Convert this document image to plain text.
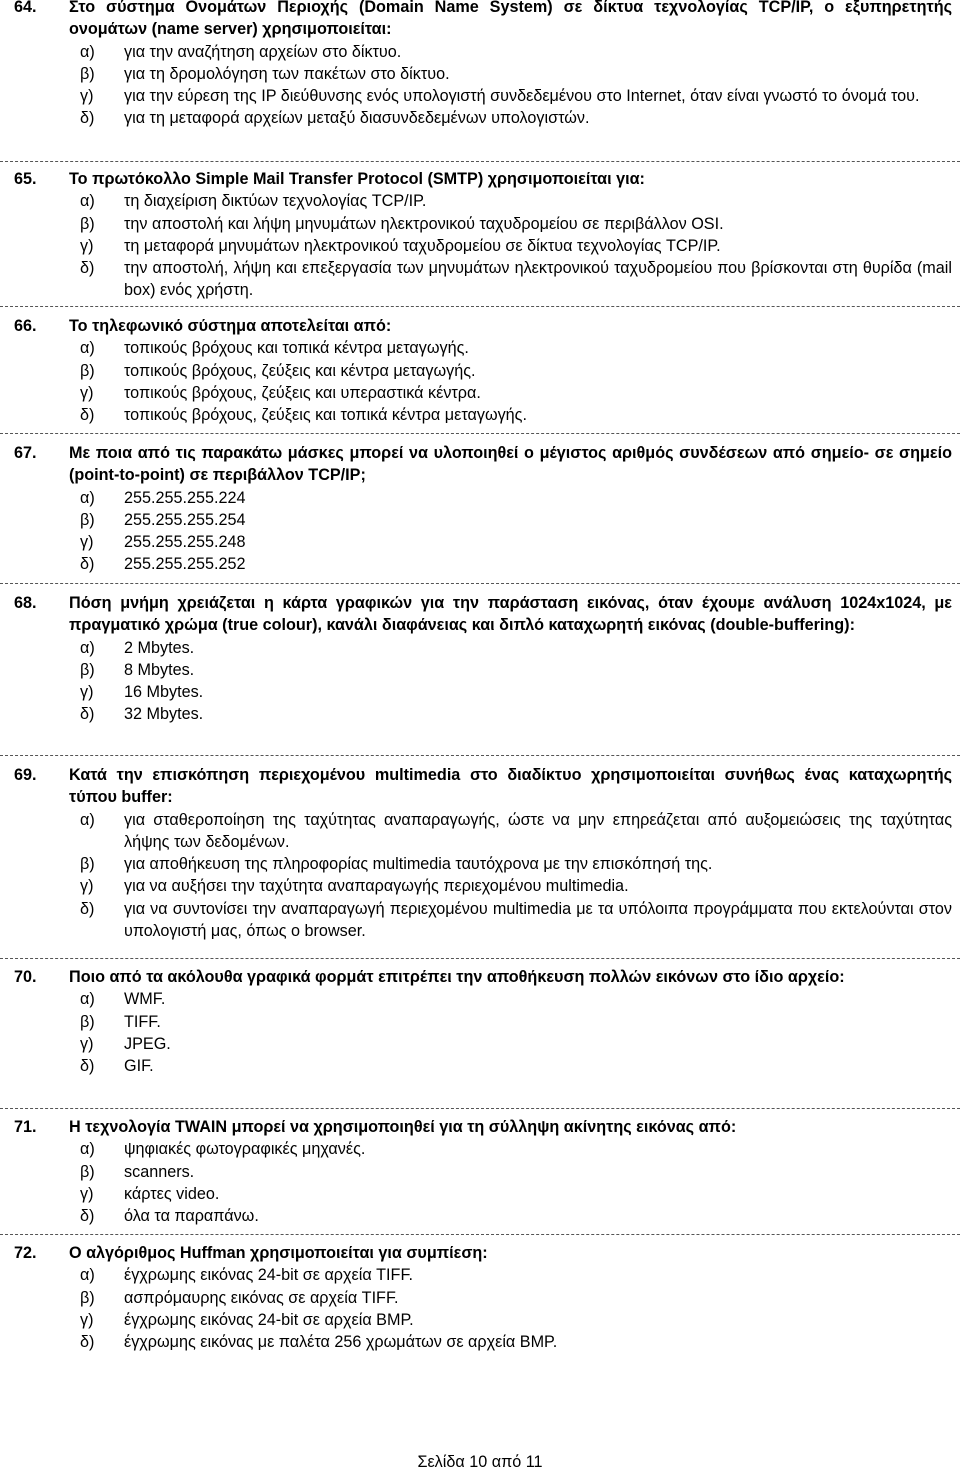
64. Στο σύστημα Ονομάτων Περιοχής (Domain Name System) σε δίκτυα τεχνολογίας TCP/IP, ο εξυπηρετητής ονομάτων (name server) χρησιμοποιείται:
α) για την αναζήτηση αρχείων στο δίκτυο.
β) για τη δρομολόγηση των πακέτων στο δίκτυο.
γ) για την εύρεση της IP διεύθυνσης ενός υπολογιστή συνδεδεμένου στο Internet, όταν είναι γνωστό το όνομά του.
δ) για τη μεταφορά αρχείων μεταξύ διασυνδεδεμένων υπολογιστών.
65. Το πρωτόκολλο Simple Mail Transfer Protocol (SMTP) χρησιμοποιείται για:
α) τη διαχείριση δικτύων τεχνολογίας TCP/IP.
β) την αποστολή και λήψη μηνυμάτων ηλεκτρονικού ταχυδρομείου σε περιβάλλον OSI.
γ) τη μεταφορά μηνυμάτων ηλεκτρονικού ταχυδρομείου σε δίκτυα τεχνολογίας TCP/IP.
δ) την αποστολή, λήψη και επεξεργασία των μηνυμάτων ηλεκτρονικού ταχυδρομείου που βρίσκονται στη θυρίδα (mail box) ενός χρήστη.
66. Το τηλεφωνικό σύστημα αποτελείται από:
α) τοπικούς βρόχους και τοπικά κέντρα μεταγωγής.
β) τοπικούς βρόχους, ζεύξεις και κέντρα μεταγωγής.
γ) τοπικούς βρόχους, ζεύξεις και υπεραστικά κέντρα.
δ) τοπικούς βρόχους, ζεύξεις και τοπικά κέντρα μεταγωγής.
67. Με ποια από τις παρακάτω μάσκες μπορεί να υλοποιηθεί ο μέγιστος αριθμός συνδέσεων από σημείο- σε σημείο (point-to-point) σε περιβάλλον TCP/IP;
α) 255.255.255.224
β) 255.255.255.254
γ) 255.255.255.248
δ) 255.255.255.252
68. Πόση μνήμη χρειάζεται η κάρτα γραφικών για την παράσταση εικόνας, όταν έχουμε ανάλυση 1024x1024, με πραγματικό χρώμα (true colour), κανάλι διαφάνειας και διπλό καταχωρητή εικόνας (double-buffering):
α) 2 Mbytes.
β) 8 Mbytes.
γ) 16 Mbytes.
δ) 32 Mbytes.
69. Κατά την επισκόπηση περιεχομένου multimedia στο διαδίκτυο χρησιμοποιείται συνήθως ένας καταχωρητής τύπου buffer:
α) για σταθεροποίηση της ταχύτητας αναπαραγωγής, ώστε να μην επηρεάζεται από αυξομειώσεις της ταχύτητας λήψης των δεδομένων.
β) για αποθήκευση της πληροφορίας multimedia ταυτόχρονα με την επισκόπησή της.
γ) για να αυξήσει την ταχύτητα αναπαραγωγής περιεχομένου multimedia.
δ) για να συντονίσει την αναπαραγωγή περιεχομένου multimedia με τα υπόλοιπα προγράμματα που εκτελούνται στον υπολογιστή μας, όπως ο browser.
70. Ποιο από τα ακόλουθα γραφικά φορμάτ επιτρέπει την αποθήκευση πολλών εικόνων στο ίδιο αρχείο:
α) WMF.
β) TIFF.
γ) JPEG.
δ) GIF.
71. Η τεχνολογία TWAIN μπορεί να χρησιμοποιηθεί για τη σύλληψη ακίνητης εικόνας από:
α) ψηφιακές φωτογραφικές μηχανές.
β) scanners.
γ) κάρτες video.
δ) όλα τα παραπάνω.
72. Ο αλγόριθμος Huffman χρησιμοποιείται για συμπίεση:
α) έγχρωμης εικόνας 24-bit σε αρχεία TIFF.
β) ασπρόμαυρης εικόνας σε αρχεία TIFF.
γ) έγχρωμης εικόνας 24-bit σε αρχεία BMP.
δ) έγχρωμης εικόνας με παλέτα 256 χρωμάτων σε αρχεία BMP.
Σελίδα 10 από 11
